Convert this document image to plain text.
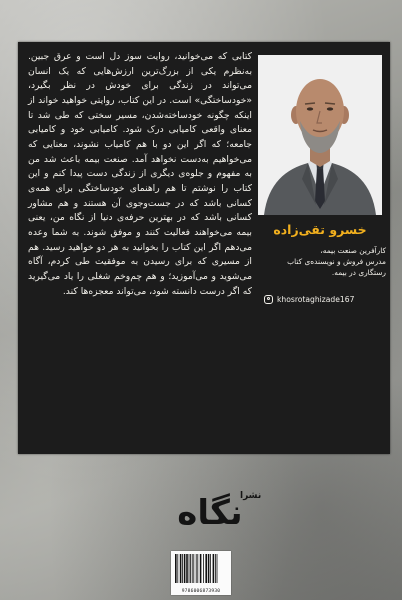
کتابی که می‌خوانید، روایت سوز دل است و عرق جبین. به‌نظرم یکی از بزرگ‌ترین ارزش‌هایی که یک انسان می‌تواند در زندگی برای خودش در نظر بگیرد، «خودساختگی» است. در این کتاب، روایتی خواهید خواند از اینکه چگونه خودساخته‌شدن، مسیر سختی که طی شد تا معنای واقعی کامیابی درک شود. کامیابی خود و کامیابی جامعه؛ که اگر این دو با هم کامیاب نشوند، معنایی که می‌خواهیم به‌دست نخواهد آمد. صنعت بیمه باعث شد من به مفهوم و جلوه‌ی دیگری از زندگی دست پیدا کنم و این کتاب را نوشتم تا هم راهنمای خودساختگی برای همه‌ی کسانی باشد که در جست‌وجوی آن هستند و هم مشاور کسانی باشد که در بهترین حرفه‌ی دنیا از نگاه من، یعنی بیمه می‌خواهند فعالیت کنند و موفق شوند. به شما وعده می‌دهم اگر این کتاب را بخوانید به هر دو خواهید رسید. هم از مسیری که برای رسیدن به موفقیت طی کردم، آگاه می‌شوید و می‌آموزید؛ و هم چم‌وخم شغلی را یاد می‌گیرید که اگر درست دانسته شود، می‌تواند معجزه‌ها کند.

خسرو تقی‌زاده
کارآفرین صنعت بیمه،
مدرس فروش و نویسنده‌ی کتاب
رستگاری در بیمه.
khosrotaghizade167
نگاه
نشرا
9786006873930
